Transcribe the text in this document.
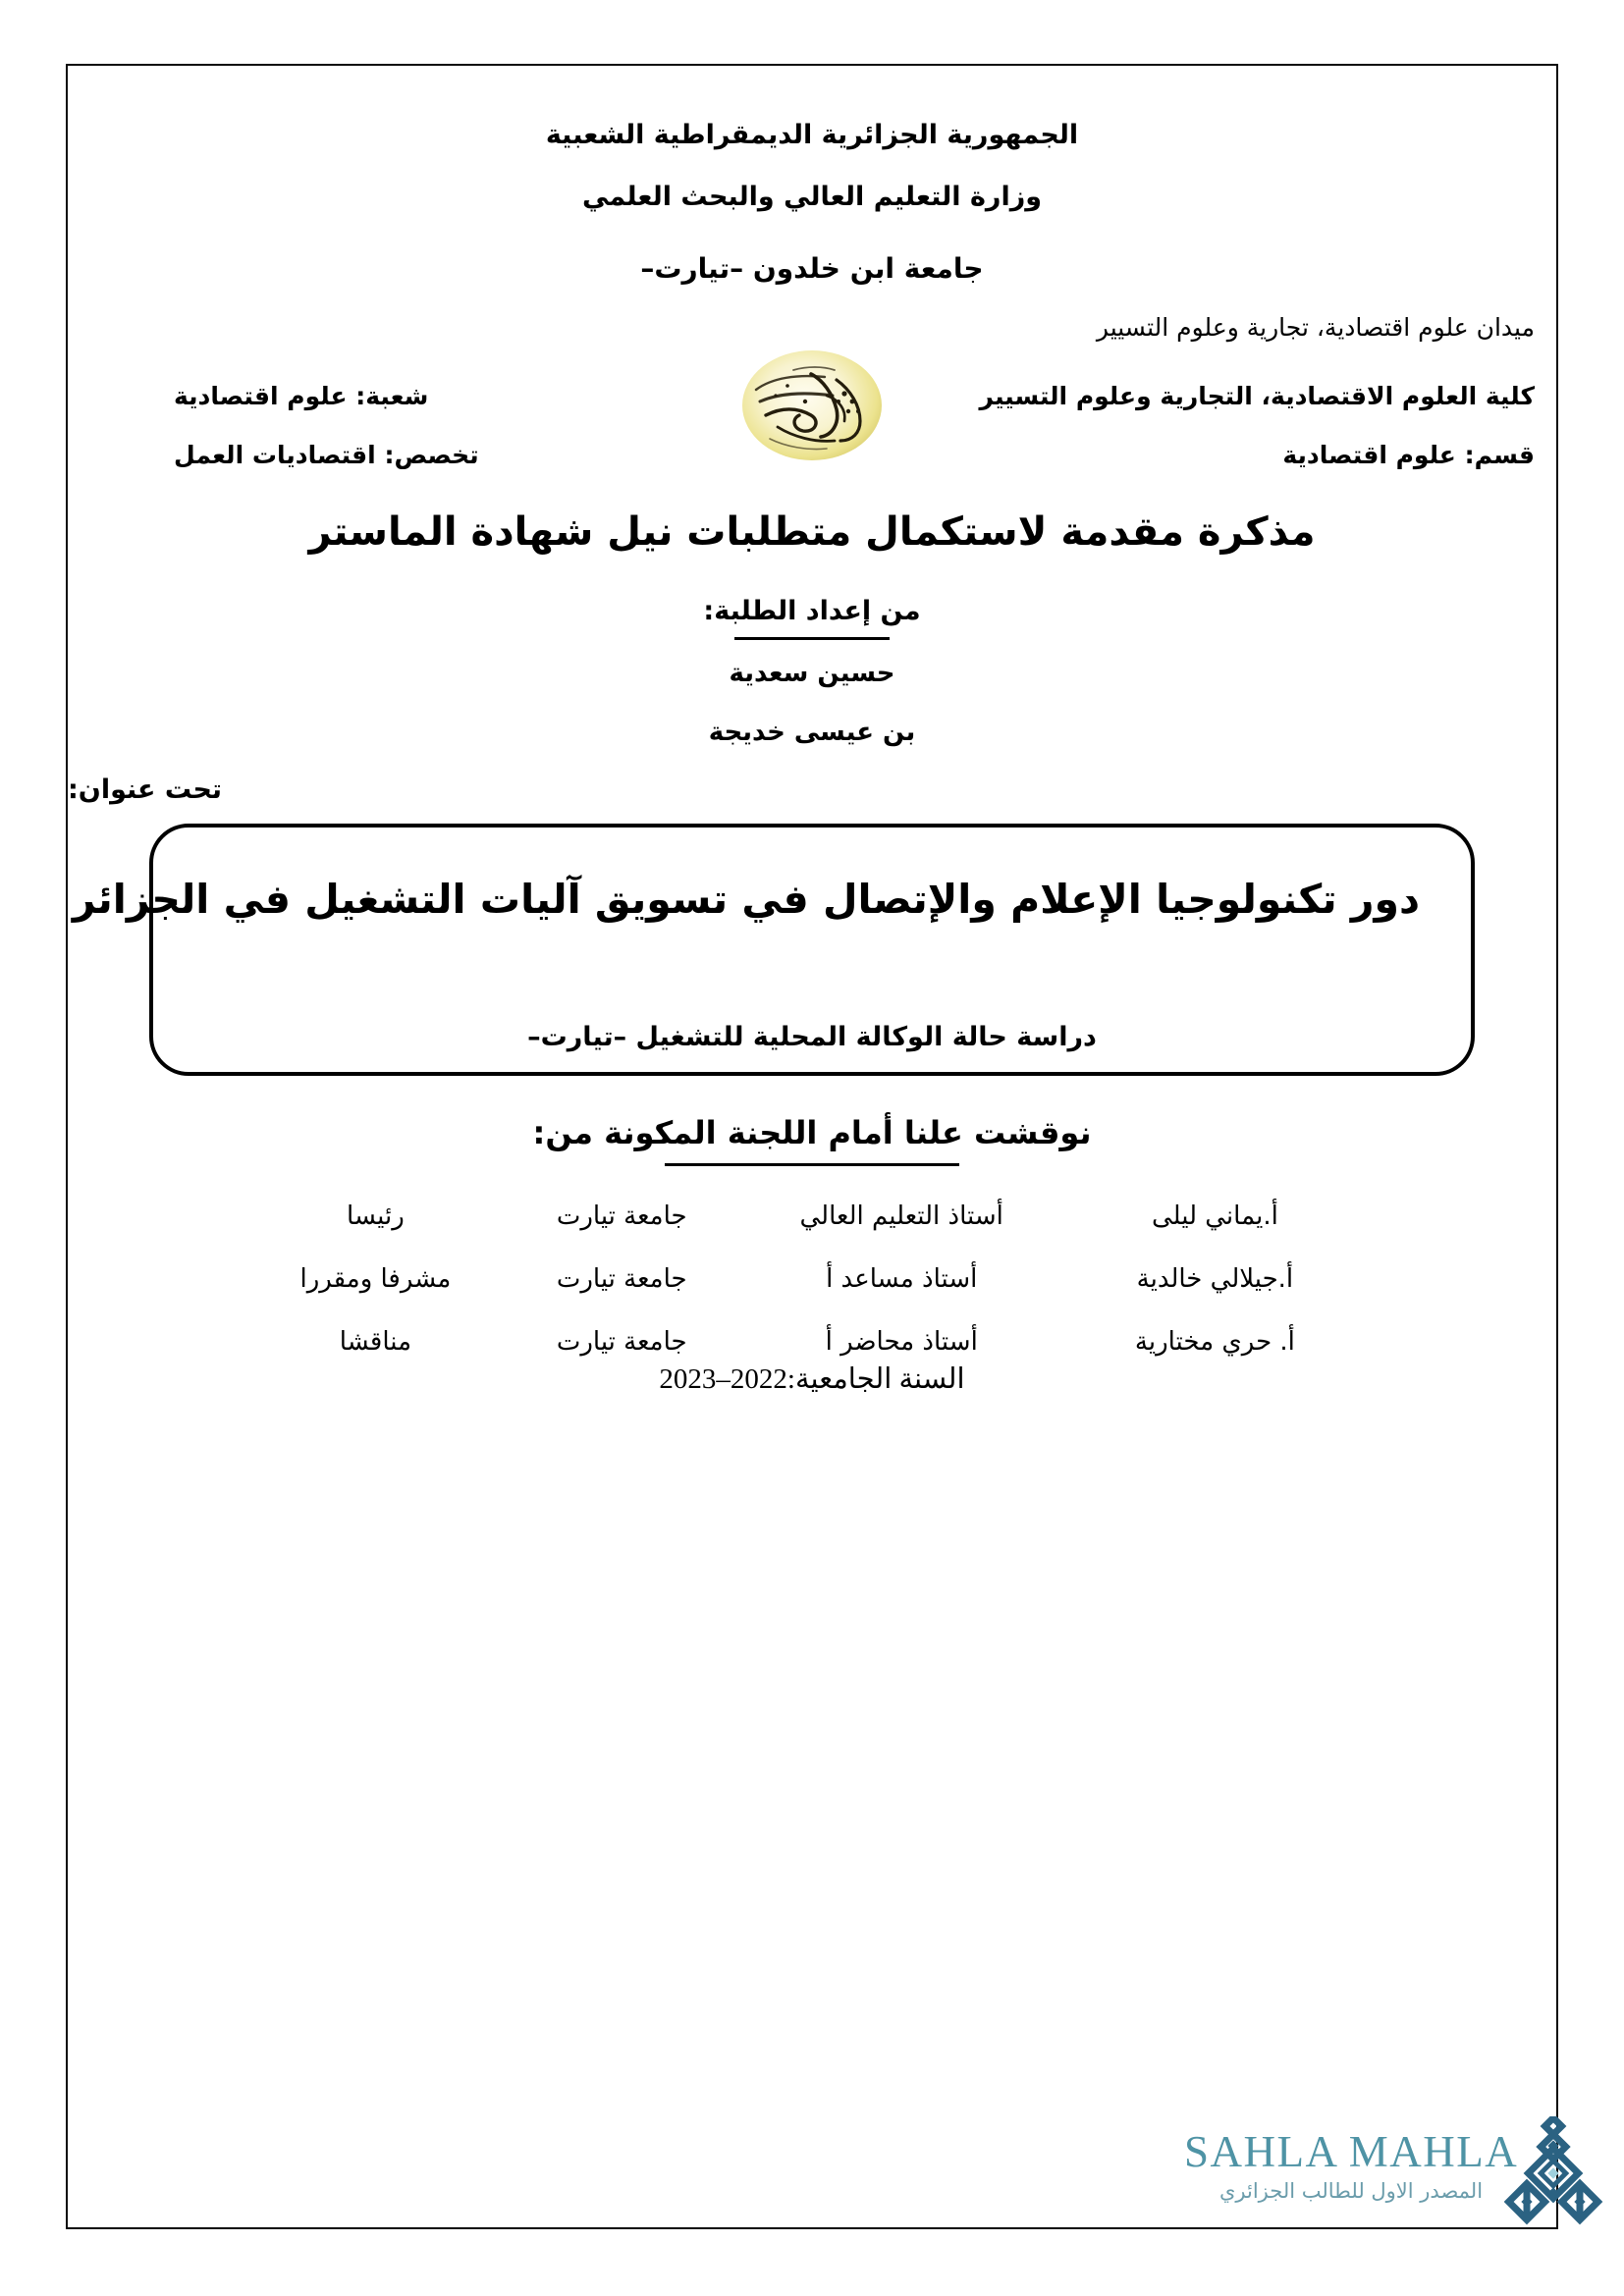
الجمهورية الجزائرية الديمقراطية الشعبية
وزارة التعليم العالي والبحث العلمي
جامعة ابن خلدون –تيارت–
ميدان علوم اقتصادية، تجارية وعلوم التسيير
كلية العلوم الاقتصادية، التجارية وعلوم التسيير
شعبة: علوم اقتصادية
قسم: علوم اقتصادية
تخصص: اقتصاديات العمل
مذكرة مقدمة لاستكمال متطلبات نيل شهادة الماستر
من إعداد الطلبة:
حسين سعدية
بن عيسى خديجة
تحت عنوان:
دور تكنولوجيا الإعلام والإتصال في تسويق آليات التشغيل في الجزائر
دراسة حالة الوكالة المحلية للتشغيل –تيارت–
نوقشت علنا أمام اللجنة المكونة من:
أ.يماني ليلى	أستاذ التعليم العالي	جامعة تيارت	رئيسا
أ.جيلالي خالدية	أستاذ مساعد أ	جامعة تيارت	مشرفا ومقررا
أ. حري مختارية	أستاذ محاضر أ	جامعة تيارت	مناقشا
السنة الجامعية:2022–2023
SAHLA MAHLA
المصدر الاول للطالب الجزائري
